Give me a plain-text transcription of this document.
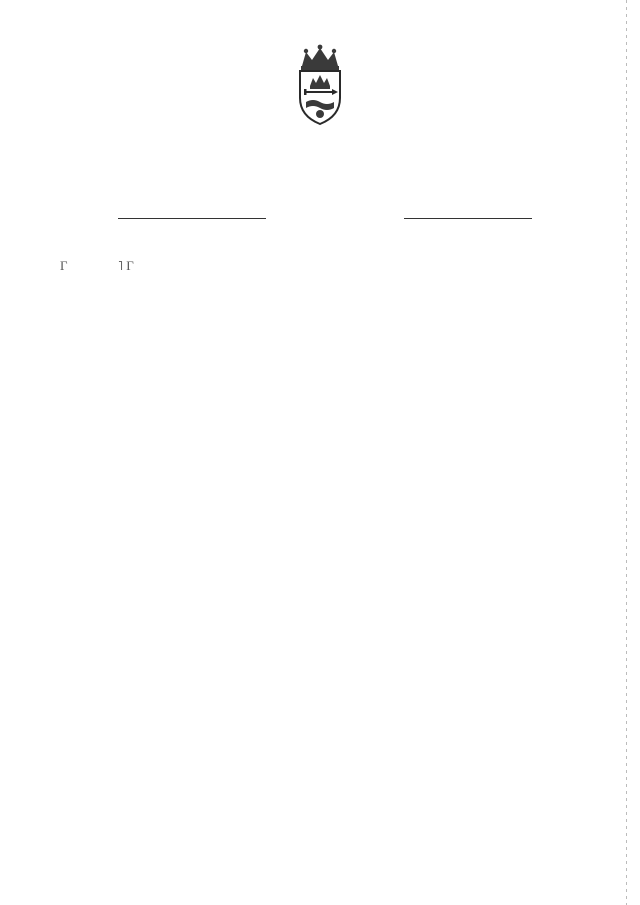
Г	˥ Г
